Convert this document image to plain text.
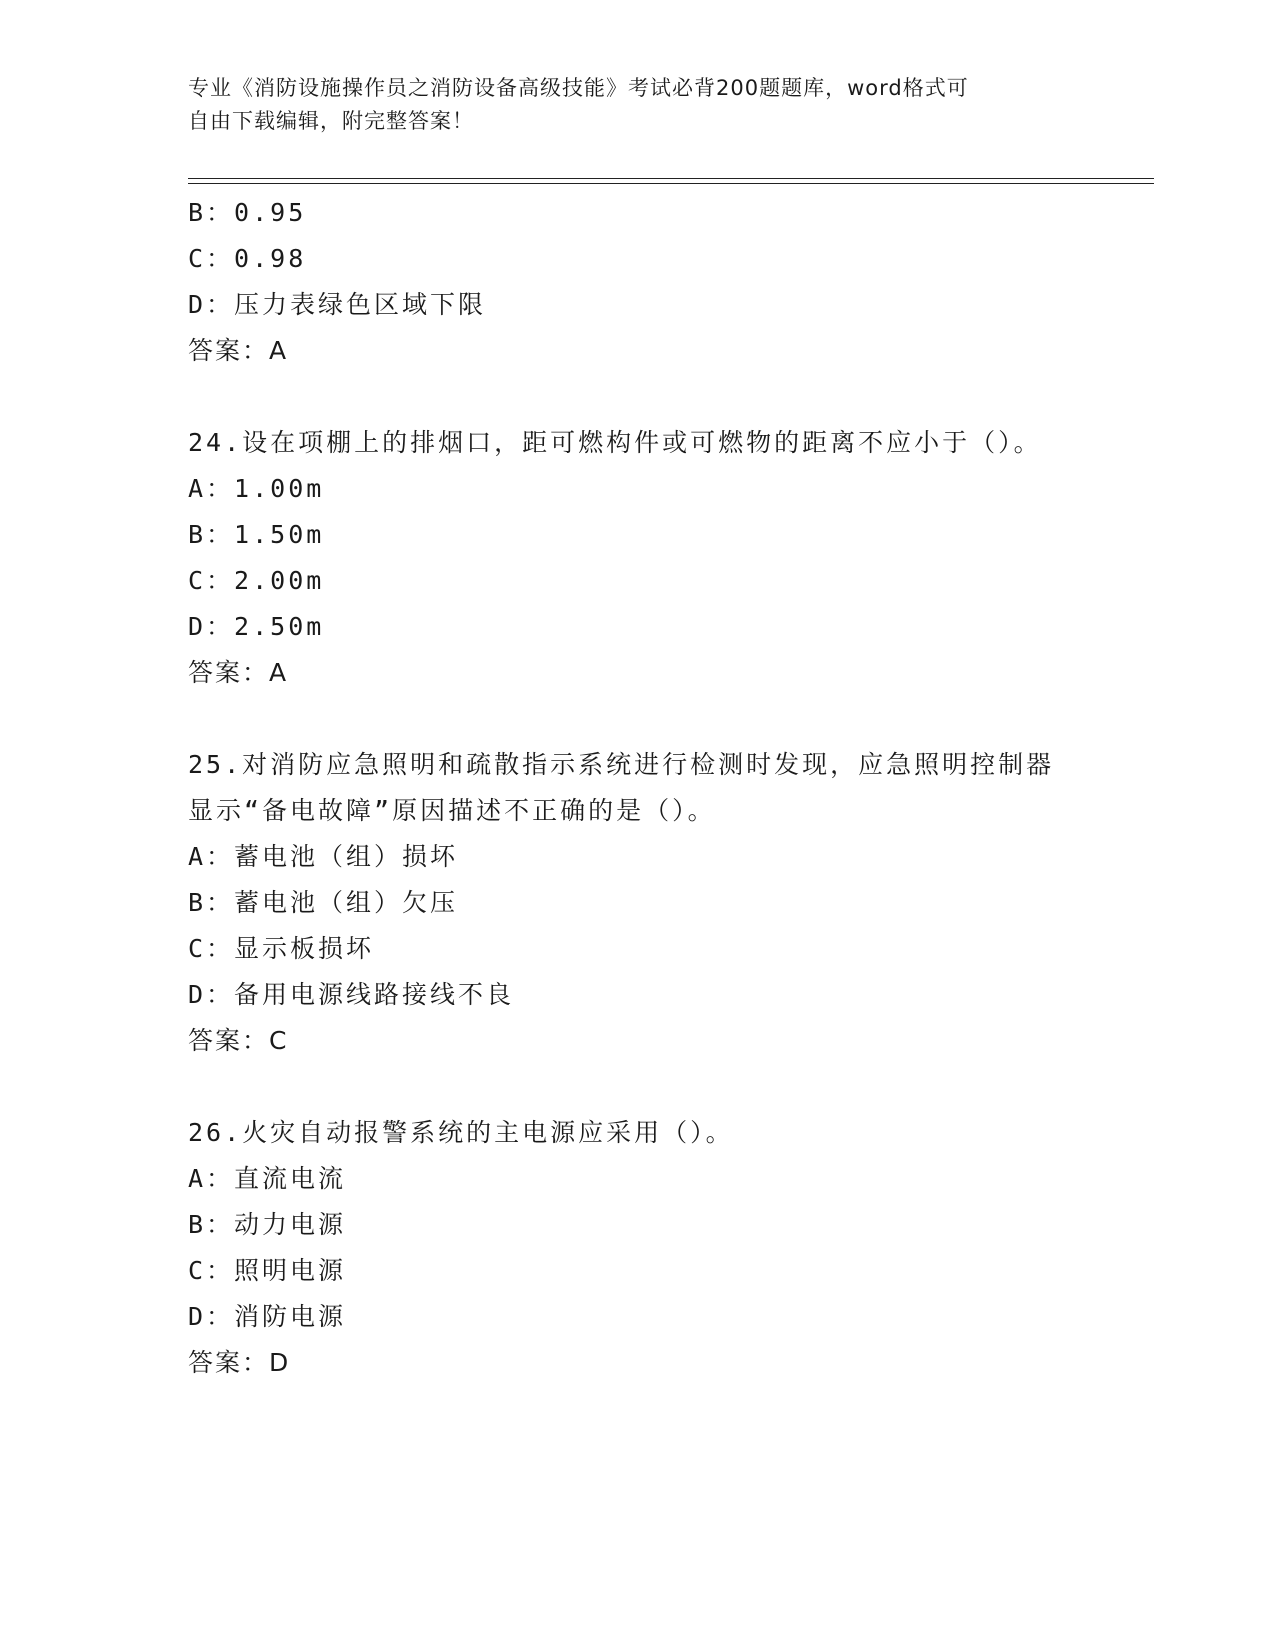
专业《消防设施操作员之消防设备高级技能》考试必背200题题库，word格式可
自由下载编辑，附完整答案！
B：0.95
C：0.98
D：压力表绿色区域下限
答案：A
24.设在项棚上的排烟口，距可燃构件或可燃物的距离不应小于（）。
A：1.00m
B：1.50m
C：2.00m
D：2.50m
答案：A
25.对消防应急照明和疏散指示系统进行检测时发现，应急照明控制器
显示“备电故障”原因描述不正确的是（）。
A：蓄电池（组）损坏
B：蓄电池（组）欠压
C：显示板损坏
D：备用电源线路接线不良
答案：C
26.火灾自动报警系统的主电源应采用（）。
A：直流电流
B：动力电源
C：照明电源
D：消防电源
答案：D
